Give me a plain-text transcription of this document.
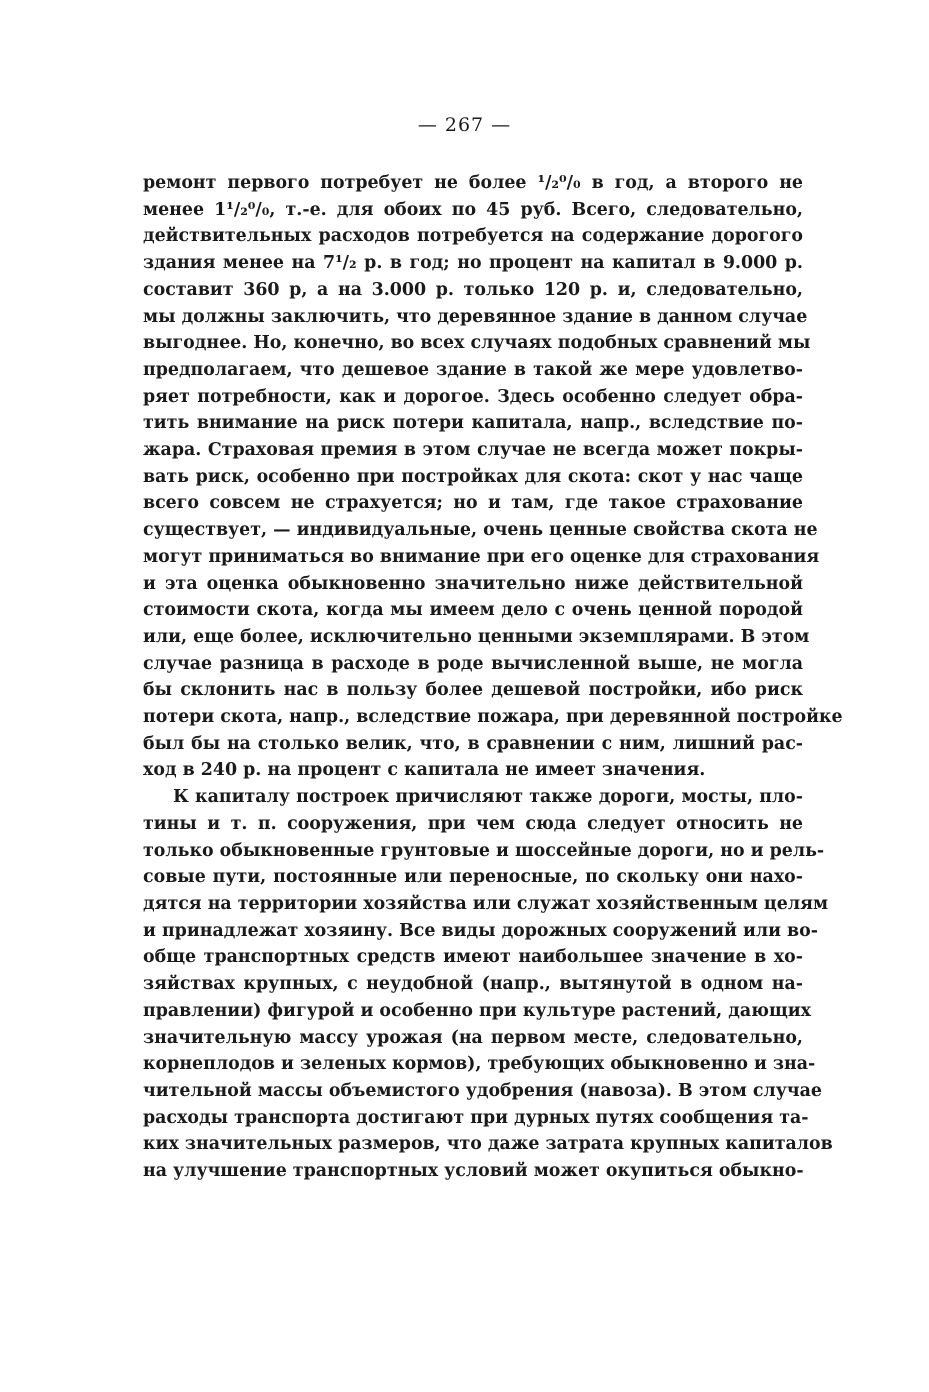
— 267 —
ремонт первого потребует не более ¹/₂⁰/₀ в год, а второго не
менее 1¹/₂⁰/₀, т.-е. для обоих по 45 руб. Всего, следовательно,
действительных расходов потребуется на содержание дорогого
здания менее на 7¹/₂ р. в год; но процент на капитал в 9.000 р.
составит 360 р, а на 3.000 р. только 120 р. и, следовательно,
мы должны заключить, что деревянное здание в данном случае
выгоднее. Но, конечно, во всех случаях подобных сравнений мы
предполагаем, что дешевое здание в такой же мере удовлетво-
ряет потребности, как и дорогое. Здесь особенно следует обра-
тить внимание на риск потери капитала, напр., вследствие по-
жара. Страховая премия в этом случае не всегда может покры-
вать риск, особенно при постройках для скота: скот у нас чаще
всего совсем не страхуется; но и там, где такое страхование
существует, — индивидуальные, очень ценные свойства скота не
могут приниматься во внимание при его оценке для страхования
и эта оценка обыкновенно значительно ниже действительной
стоимости скота, когда мы имеем дело с очень ценной породой
или, еще более, исключительно ценными экземплярами. В этом
случае разница в расходе в роде вычисленной выше, не могла
бы склонить нас в пользу более дешевой постройки, ибо риск
потери скота, напр., вследствие пожара, при деревянной постройке
был бы на столько велик, что, в сравнении с ним, лишний рас-
ход в 240 р. на процент с капитала не имеет значения.
К капиталу построек причисляют также дороги, мосты, пло-
тины и т. п. сооружения, при чем сюда следует относить не
только обыкновенные грунтовые и шоссейные дороги, но и рель-
совые пути, постоянные или переносные, по скольку они нахо-
дятся на территории хозяйства или служат хозяйственным целям
и принадлежат хозяину. Все виды дорожных сооружений или во-
обще транспортных средств имеют наибольшее значение в хо-
зяйствах крупных, с неудобной (напр., вытянутой в одном на-
правлении) фигурой и особенно при культуре растений, дающих
значительную массу урожая (на первом месте, следовательно,
корнеплодов и зеленых кормов), требующих обыкновенно и зна-
чительной массы объемистого удобрения (навоза). В этом случае
расходы транспорта достигают при дурных путях сообщения та-
ких значительных размеров, что даже затрата крупных капиталов
на улучшение транспортных условий может окупиться обыкно-
